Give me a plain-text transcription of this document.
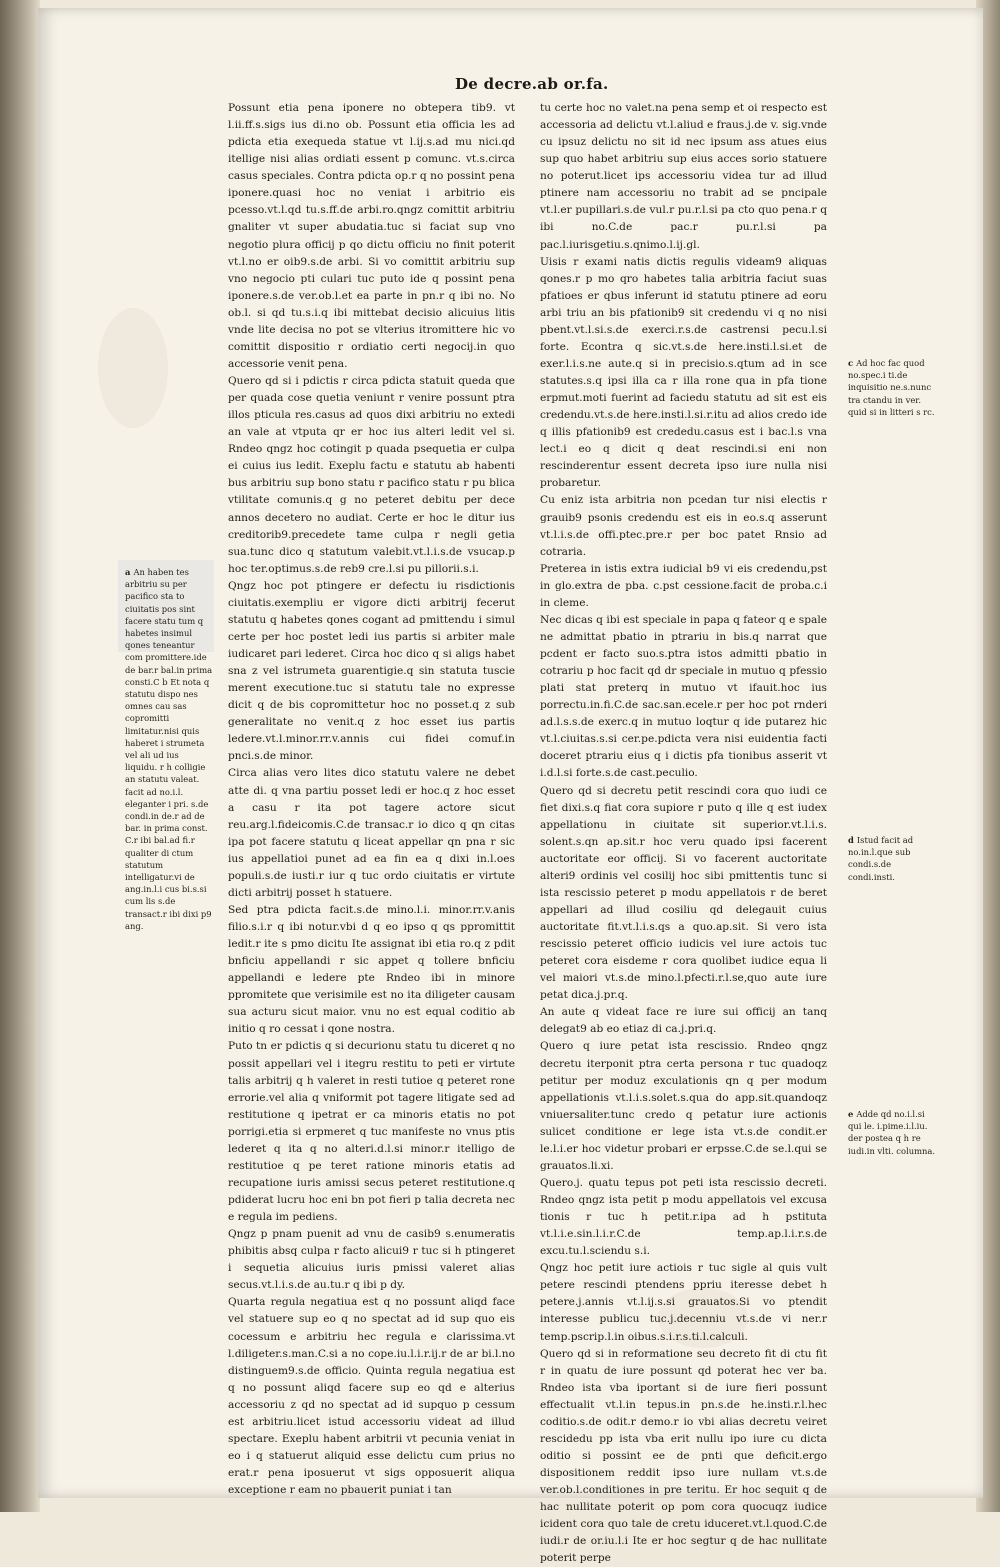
De decre.ab or.fa.

Possunt etia pena iponere no obtepera tib9. vt l.ii.ff.s.sigs ius di.no ob. Possunt etia officia les ad pdicta etia exequeda statue vt l.ij.s.ad mu nici.qd itellige nisi alias ordiati essent p comunc. vt.s.circa casus speciales. Contra pdicta op.r q no possint pena iponere.quasi hoc no veniat i arbitrio eis pcesso.vt.l.qd tu.s.ff.de arbi.ro.qngz comittit arbitriu gnaliter vt super abudatia.tuc si faciat sup vno negotio plura officij p qo dictu officiu no finit poterit vt.l.no er oib9.s.de arbi. Si vo comittit arbitriu sup vno negocio pti culari tuc puto ide q possint pena iponere.s.de ver.ob.l.et ea parte in pn.r q ibi no. No ob.l. si qd tu.s.i.q ibi mittebat decisio alicuius litis vnde lite decisa no pot se vlterius itromittere hic vo comittit dispositio r ordiatio certi negocij.in quo accessorie venit pena.

Quero qd si i pdictis r circa pdicta statuit queda que per quada cose quetia veniunt r venire possunt ptra illos pticula res.casus ad quos dixi arbitriu no extedi an vale at vtputa qr er hoc ius alteri ledit vel si. Rndeo qngz hoc cotingit p quada psequetia er culpa ei cuius ius ledit. Exeplu factu e statutu ab habenti bus arbitriu sup bono statu r pacifico statu r pu blica vtilitate comunis.q g no peteret debitu per dece annos decetero no audiat. Certe er hoc le ditur ius creditorib9.precedete tame culpa r negli getia sua.tunc dico q statutum valebit.vt.l.i.s.de vsucap.p hoc ter.optimus.s.de reb9 cre.l.si pu pillorii.s.i.

Qngz hoc pot ptingere er defectu iu risdictionis ciuitatis.exempliu er vigore dicti arbitrij fecerut statutu q habetes qones cogant ad pmittendu i simul certe per hoc postet ledi ius partis si arbiter male iudicaret pari lederet. Circa hoc dico q si aligs habet sna z vel istrumeta guarentigie.q sin statuta tuscie merent executione.tuc si statutu tale no expresse dicit q de bis copromittetur hoc no posset.q z sub generalitate no venit.q z hoc esset ius partis ledere.vt.l.minor.rr.v.annis cui fidei comuf.in pnci.s.de minor.

Circa alias vero lites dico statutu valere ne debet atte di. q vna partiu posset ledi er hoc.q z hoc esset a casu r ita pot tagere actore sicut reu.arg.l.fideicomis.C.de transac.r io dico q qn citas ipa pot facere statutu q liceat appellar qn pna r sic ius appellatioi punet ad ea fin ea q dixi in.l.oes populi.s.de iusti.r iur q tuc ordo ciuitatis er virtute dicti arbitrij posset h statuere.

Sed ptra pdicta facit.s.de mino.l.i. minor.rr.v.anis filio.s.i.r q ibi notur.vbi d q eo ipso q qs ppromittit ledit.r ite s pmo dicitu Ite assignat ibi etia ro.q z pdit bnficiu appellandi r sic appet q tollere bnficiu appellandi e ledere pte Rndeo ibi in minore ppromitete que verisimile est no ita diligeter causam sua acturu sicut maior. vnu no est equal coditio ab initio q ro cessat i qone nostra.

Puto tn er pdictis q si decurionu statu tu diceret q no possit appellari vel i itegru restitu to peti er virtute talis arbitrij q h valeret in resti tutioe q peteret rone errorie.vel alia q vniformit pot tagere litigate sed ad restitutione q ipetrat er ca minoris etatis no pot porrigi.etia si erpmeret q tuc manifeste no vnus ptis lederet q ita q no alteri.d.l.si minor.r itelligo de restitutioe q pe teret ratione minoris etatis ad recupatione iuris amissi secus peteret restitutione.q pdiderat lucru hoc eni bn pot fieri p talia decreta nec e regula im pediens.

Qngz p pnam puenit ad vnu de casib9 s.enumeratis phibitis absq culpa r facto alicui9 r tuc si h ptingeret i sequetia alicuius iuris pmissi valeret alias secus.vt.l.i.s.de au.tu.r q ibi p dy.

Quarta regula negatiua est q no possunt aliqd face vel statuere sup eo q no spectat ad id sup quo eis cocessum e arbitriu hec regula e clarissima.vt l.diligeter.s.man.C.si a no cope.iu.l.i.r.ij.r de ar bi.l.no distinguem9.s.de officio. Quinta regula negatiua est q no possunt aliqd facere sup eo qd e alterius accessoriu z qd no spectat ad id supquo p cessum est arbitriu.licet istud accessoriu videat ad illud spectare. Exeplu habent arbitrii vt pecunia veniat in eo i q statuerut aliquid esse delictu cum prius no erat.r pena iposuerut vt sigs opposuerit aliqua exceptione r eam no pbauerit puniat i tan

tu certe hoc no valet.na pena semp et oi respecto est accessoria ad delictu vt.l.aliud e fraus.j.de v. sig.vnde cu ipsuz delictu no sit id nec ipsum ass atues eius sup quo habet arbitriu sup eius acces sorio statuere no poterut.licet ips accessoriu videa tur ad illud ptinere nam accessoriu no trabit ad se pncipale vt.l.er pupillari.s.de vul.r pu.r.l.si pa cto quo pena.r q ibi no.C.de pac.r pu.r.l.si pa pac.l.iurisgetiu.s.qnimo.l.ij.gl.

Uisis r exami natis dictis regulis videam9 aliquas qones.r p mo qro habetes talia arbitria faciut suas pfatioes er qbus inferunt id statutu ptinere ad eoru arbi triu an bis pfationib9 sit credendu vi q no nisi pbent.vt.l.si.s.de exerci.r.s.de castrensi pecu.l.si forte. Econtra q sic.vt.s.de here.insti.l.si.et de exer.l.i.s.ne aute.q si in precisio.s.qtum ad in sce statutes.s.q ipsi illa ca r illa rone qua in pfa tione erpmut.moti fuerint ad faciedu statutu ad sit est eis credendu.vt.s.de here.insti.l.si.r.itu ad alios credo ide q illis pfationib9 est crededu.casus est i bac.l.s vna lect.i eo q dicit q deat rescindi.si eni non rescinderentur essent decreta ipso iure nulla nisi probaretur.

Cu eniz ista arbitria non pcedan tur nisi electis r grauib9 psonis credendu est eis in eo.s.q asserunt vt.l.i.s.de offi.ptec.pre.r per boc patet Rnsio ad cotraria.

Preterea in istis extra iudicial b9 vi eis credendu,pst in glo.extra de pba. c.pst cessione.facit de proba.c.i in cleme.

Nec dicas q ibi est speciale in papa q fateor q e spale ne admittat pbatio in ptrariu in bis.q narrat que pcdent er facto suo.s.ptra istos admitti pbatio in cotrariu p hoc facit qd dr speciale in mutuo q pfessio plati stat preterq in mutuo vt ifauit.hoc ius porrectu.in.fi.C.de sac.san.ecele.r per hoc pot rnderi ad.l.s.s.de exerc.q in mutuo loqtur q ide putarez hic vt.l.ciuitas.s.si cer.pe.pdicta vera nisi euidentia facti doceret ptrariu eius q i dictis pfa tionibus asserit vt i.d.l.si forte.s.de cast.peculio.

Quero qd si decretu petit rescindi cora quo iudi ce fiet dixi.s.q fiat cora supiore r puto q ille q est iudex appellationu in ciuitate sit superior.vt.l.i.s. solent.s.qn ap.sit.r hoc veru quado ipsi facerent auctoritate eor officij. Si vo facerent auctoritate alteri9 ordinis vel cosilij hoc sibi pmittentis tunc si ista rescissio peteret p modu appellatois r de beret appellari ad illud cosiliu qd delegauit cuius auctoritate fit.vt.l.i.s.qs a quo.ap.sit. Si vero ista rescissio peteret officio iudicis vel iure actois tuc peteret cora eisdeme r cora quolibet iudice equa li vel maiori vt.s.de mino.l.pfecti.r.l.se,quo aute iure petat dica.j.pr.q.

An aute q videat face re iure sui officij an tanq delegat9 ab eo etiaz di ca.j.pri.q.

Quero q iure petat ista rescissio. Rndeo qngz decretu iterponit ptra certa persona r tuc quadoqz petitur per moduz exculationis qn q per modum appellationis vt.l.i.s.solet.s.qua do app.sit.quandoqz vniuersaliter.tunc credo q petatur iure actionis sulicet conditione er lege ista vt.s.de condit.er le.l.i.er hoc videtur probari er erpsse.C.de se.l.qui se grauatos.li.xi.

Quero.j. quatu tepus pot peti ista rescissio decreti. Rndeo qngz ista petit p modu appellatois vel excusa tionis r tuc h petit.r.ipa ad h pstituta vt.l.i.e.sin.l.i.r.C.de temp.ap.l.i.r.s.de excu.tu.l.sciendu s.i.

Qngz hoc petit iure actiois r tuc sigle al quis vult petere rescindi ptendens ppriu iteresse debet h petere.j.annis vt.l.ij.s.si grauatos.Si vo ptendit interesse publicu tuc.j.decenniu vt.s.de vi ner.r temp.pscrip.l.in oibus.s.i.r.s.ti.l.calculi.

Quero qd si in reformatione seu decreto fit di ctu fit r in quatu de iure possunt qd poterat hec ver ba. Rndeo ista vba iportant si de iure fieri possunt effectualit vt.l.in tepus.in pn.s.de he.insti.r.l.hec coditio.s.de odit.r demo.r io vbi alias decretu veiret rescidedu pp ista vba erit nullu ipo iure cu dicta oditio si possint ee de pnti que deficit.ergo dispositionem reddit ipso iure nullam vt.s.de ver.ob.l.conditiones in pre teritu. Er hoc sequit q de hac nullitate poterit op pom cora quocuqz iudice icident cora quo tale de cretu iduceret.vt.l.quod.C.de iudi.r de or.iu.l.i Ite er hoc segtur q de hac nullitate poterit perpe

a An haben tes arbitriu su per pacifico sta to ciuitatis pos sint facere statu tum q habetes insimul qones teneantur com promittere.ide de bar.r bal.in prima consti.C b Et nota q statutu dispo nes omnes cau sas copromitti limitatur.nisi quis haberet i strumeta vel ali ud ius liquidu. r h colligie an statutu valeat. facit ad no.i.l. eleganter i pri. s.de condi.in de.r ad de bar. in prima const. C.r ibi bal.ad fi.r qualiter di ctum statutum intelligatur.vi de ang.in.l.i cus bi.s.si cum lis s.de transact.r ibi dixi p9 ang.
c Ad hoc fac quod no.spec.i ti.de inquisitio ne.s.nunc tra ctandu in ver. quid si in litteri s rc.
d Istud facit ad no.in.l.que sub condi.s.de condi.insti.
e Adde qd no.i.l.si qui le. i.pime.i.l.iu. der postea q h re iudi.in vlti. columna.
